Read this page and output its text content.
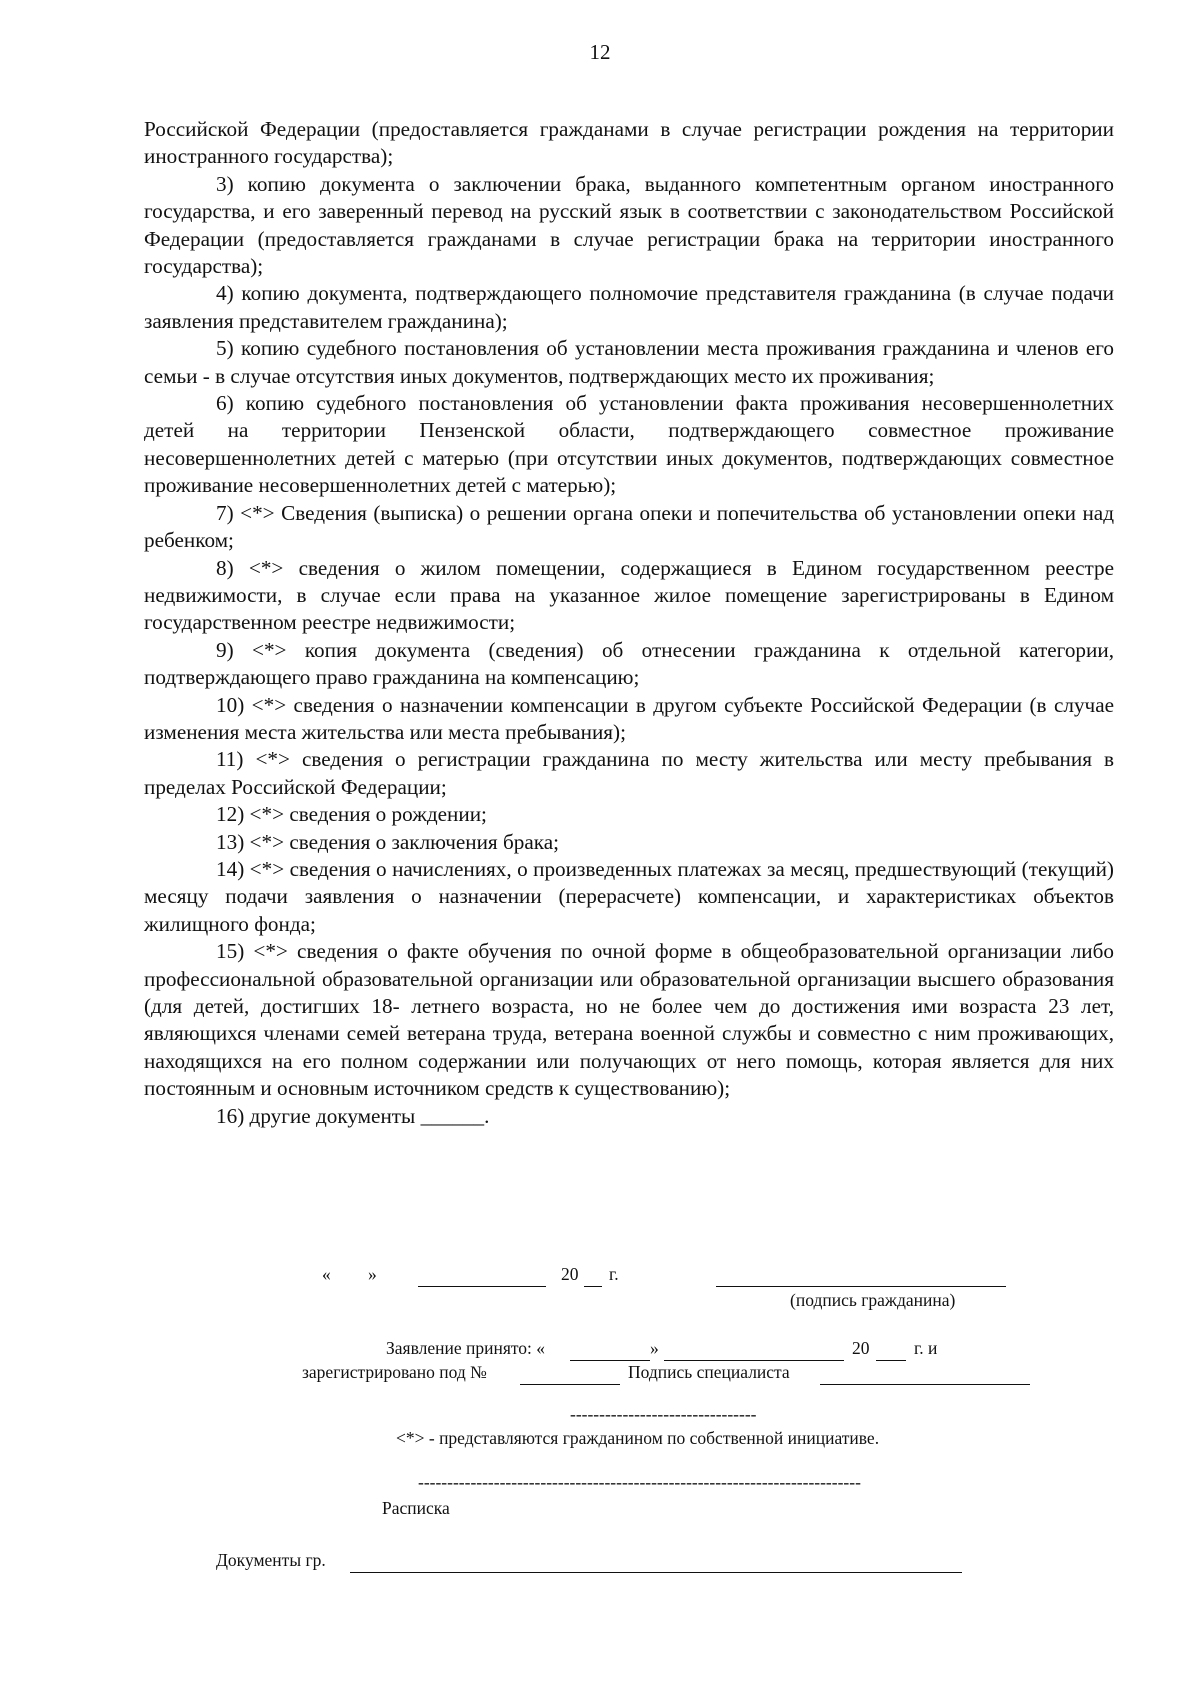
12

Российской Федерации (предоставляется гражданами в случае регистрации рождения на территории иностранного государства);

3) копию документа о заключении брака, выданного компетентным органом иностранного государства, и его заверенный перевод на русский язык в соответствии с законодательством Российской Федерации (предоставляется гражданами в случае регистрации брака на территории иностранного государства);

4) копию документа, подтверждающего полномочие представителя гражданина (в случае подачи заявления представителем гражданина);

5) копию судебного постановления об установлении места проживания гражданина и членов его семьи - в случае отсутствия иных документов, подтверждающих место их проживания;

6) копию судебного постановления об установлении факта проживания несовершеннолетних детей на территории Пензенской области, подтверждающего совместное проживание несовершеннолетних детей с матерью (при отсутствии иных документов, подтверждающих совместное проживание несовершеннолетних детей с матерью);

7) <*> Сведения (выписка) о решении органа опеки и попечительства об установлении опеки над ребенком;

8) <*> сведения о жилом помещении, содержащиеся в Едином государственном реестре недвижимости, в случае если права на указанное жилое помещение зарегистрированы в Едином государственном реестре недвижимости;

9) <*> копия документа (сведения) об отнесении гражданина к отдельной категории, подтверждающего право гражданина на компенсацию;

10) <*> сведения о назначении компенсации в другом субъекте Российской Федерации (в случае изменения места жительства или места пребывания);

11) <*> сведения о регистрации гражданина по месту жительства или месту пребывания в пределах Российской Федерации;

12) <*> сведения о рождении;

13) <*> сведения о заключения брака;

14) <*> сведения о начислениях, о произведенных платежах за месяц, предшествующий (текущий) месяцу подачи заявления о назначении (перерасчете) компенсации, и характеристиках объектов жилищного фонда;

15) <*> сведения о факте обучения по очной форме в общеобразовательной организации либо профессиональной образовательной организации или образовательной организации высшего образования (для детей, достигших 18- летнего возраста, но не более чем до достижения ими возраста 23 лет, являющихся членами семей ветерана труда, ветерана военной службы и совместно с ним проживающих, находящихся на его полном содержании или получающих от него помощь, которая является для них постоянным и основным источником средств к существованию);

16) другие документы ______.

« »	20 г.
(подпись гражданина)
Заявление принято: «	»	20	г. и
зарегистрировано под №	Подпись специалиста
--------------------------------
<*> - представляются гражданином по собственной инициативе.
----------------------------------------------------------------------------
Расписка
Документы гр.
